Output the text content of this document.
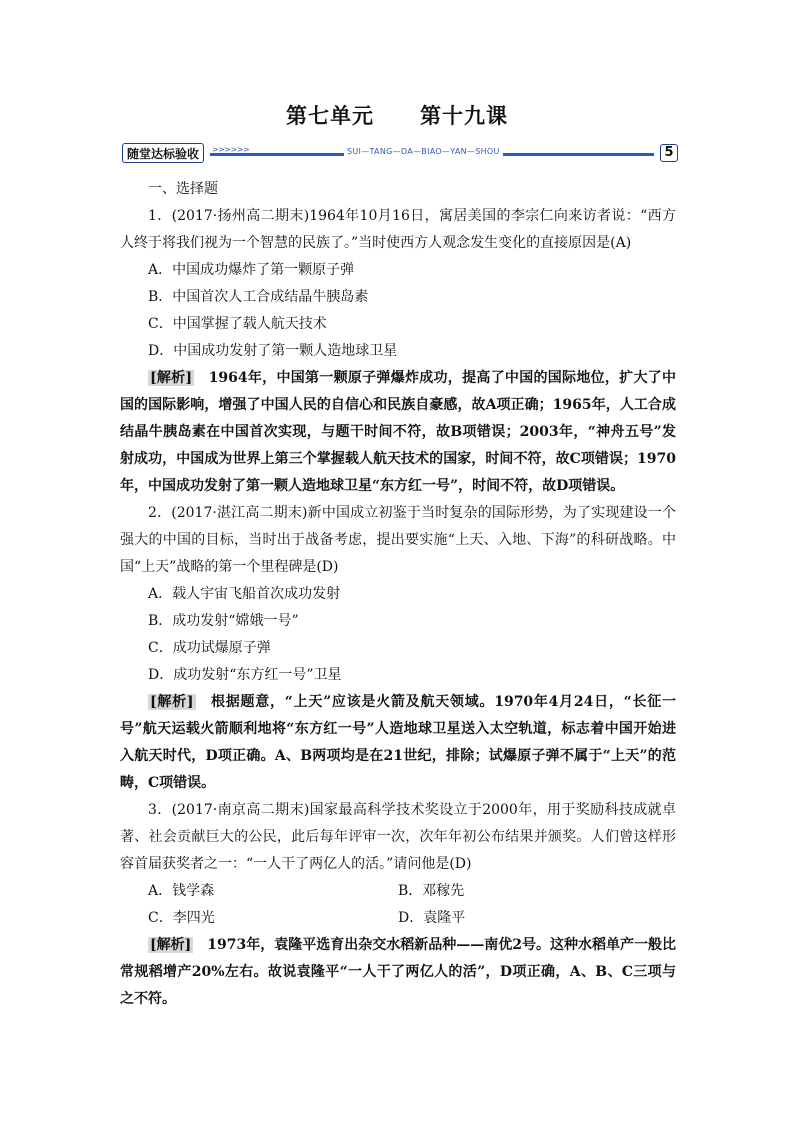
第七单元 第十九课
随堂达标验收	>>>>>>	SUI—TANG—DA—BIAO—YAN—SHOU	5

一、选择题

1．(2017·扬州高二期末)1964年10月16日，寓居美国的李宗仁向来访者说：“西方人终于将我们视为一个智慧的民族了。”当时使西方人观念发生变化的直接原因是(A)

A．中国成功爆炸了第一颗原子弹

B．中国首次人工合成结晶牛胰岛素

C．中国掌握了载人航天技术

D．中国成功发射了第一颗人造地球卫星

[解析]　1964年，中国第一颗原子弹爆炸成功，提高了中国的国际地位，扩大了中国的国际影响，增强了中国人民的自信心和民族自豪感，故A项正确；1965年，人工合成结晶牛胰岛素在中国首次实现，与题干时间不符，故B项错误；2003年，“神舟五号”发射成功，中国成为世界上第三个掌握载人航天技术的国家，时间不符，故C项错误；1970年，中国成功发射了第一颗人造地球卫星“东方红一号”，时间不符，故D项错误。

2．(2017·湛江高二期末)新中国成立初鉴于当时复杂的国际形势，为了实现建设一个强大的中国的目标，当时出于战备考虑，提出要实施“上天、入地、下海”的科研战略。中国“上天”战略的第一个里程碑是(D)

A．载人宇宙飞船首次成功发射

B．成功发射“嫦娥一号”

C．成功试爆原子弹

D．成功发射“东方红一号”卫星

[解析]　根据题意，“上天”应该是火箭及航天领域。1970年4月24日，“长征一号”航天运载火箭顺利地将“东方红一号”人造地球卫星送入太空轨道，标志着中国开始进入航天时代，D项正确。A、B两项均是在21世纪，排除；试爆原子弹不属于“上天”的范畴，C项错误。

3．(2017·南京高二期末)国家最高科学技术奖设立于2000年，用于奖励科技成就卓著、社会贡献巨大的公民，此后每年评审一次，次年年初公布结果并颁奖。人们曾这样形容首届获奖者之一：“一人干了两亿人的活。”请问他是(D)

A．钱学森	B．邓稼先
C．李四光	D．袁隆平

[解析]　1973年，袁隆平选育出杂交水稻新品种——南优2号。这种水稻单产一般比常规稻增产20%左右。故说袁隆平“一人干了两亿人的活”，D项正确，A、B、C三项与之不符。
